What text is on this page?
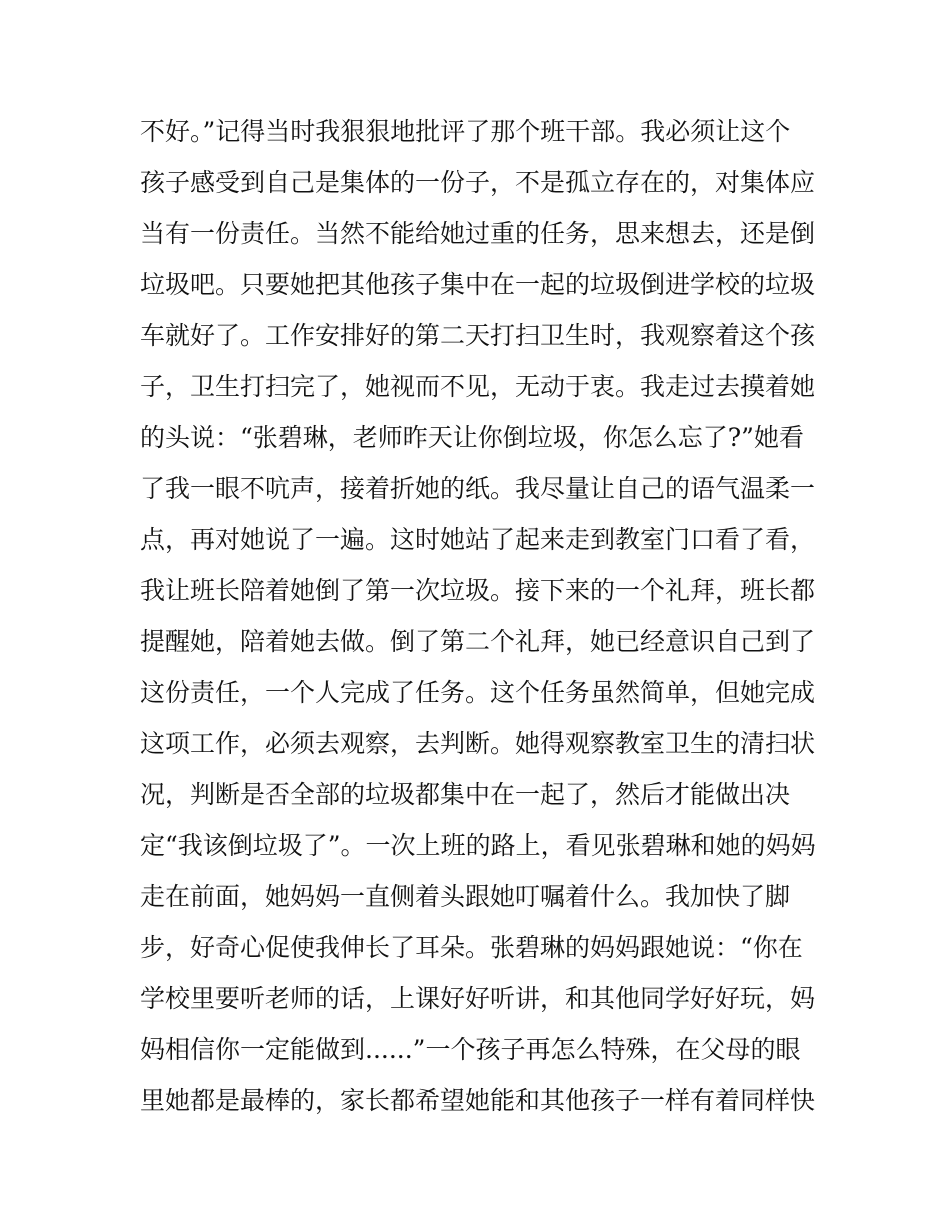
不好。”记得当时我狠狠地批评了那个班干部。我必须让这个
孩子感受到自己是集体的一份子，不是孤立存在的，对集体应
当有一份责任。当然不能给她过重的任务，思来想去，还是倒
垃圾吧。只要她把其他孩子集中在一起的垃圾倒进学校的垃圾
车就好了。工作安排好的第二天打扫卫生时，我观察着这个孩
子，卫生打扫完了，她视而不见，无动于衷。我走过去摸着她
的头说：“张碧琳，老师昨天让你倒垃圾，你怎么忘了?”她看
了我一眼不吭声，接着折她的纸。我尽量让自己的语气温柔一
点，再对她说了一遍。这时她站了起来走到教室门口看了看，
我让班长陪着她倒了第一次垃圾。接下来的一个礼拜，班长都
提醒她，陪着她去做。倒了第二个礼拜，她已经意识自己到了
这份责任，一个人完成了任务。这个任务虽然简单，但她完成
这项工作，必须去观察，去判断。她得观察教室卫生的清扫状
况，判断是否全部的垃圾都集中在一起了，然后才能做出决
定“我该倒垃圾了”。一次上班的路上，看见张碧琳和她的妈妈
走在前面，她妈妈一直侧着头跟她叮嘱着什么。我加快了脚
步，好奇心促使我伸长了耳朵。张碧琳的妈妈跟她说：“你在
学校里要听老师的话，上课好好听讲，和其他同学好好玩，妈
妈相信你一定能做到......”一个孩子再怎么特殊，在父母的眼
里她都是最棒的，家长都希望她能和其他孩子一样有着同样快
